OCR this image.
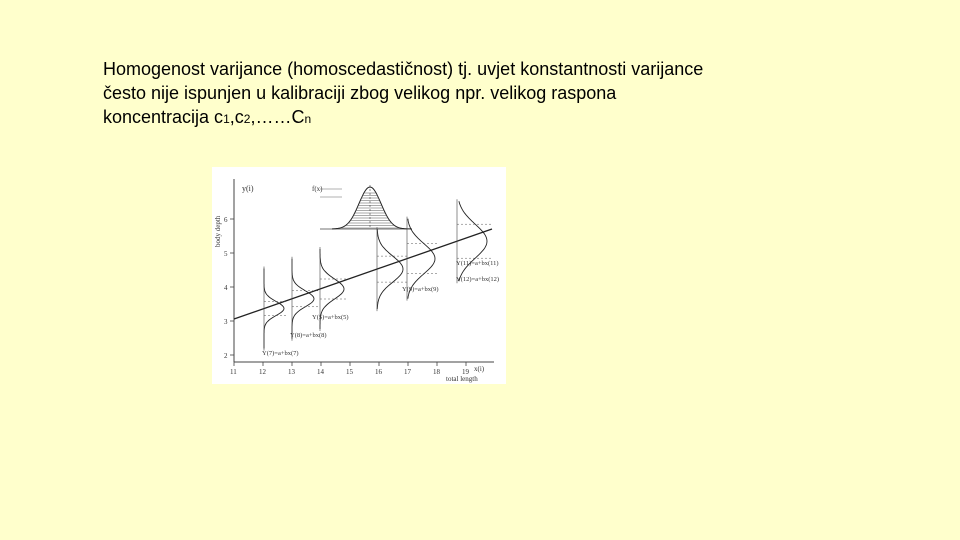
Homogenost varijance (homoscedastičnost) tj. uvjet konstantnosti varijance
često nije ispunjen u kalibraciji zbog velikog npr. velikog raspona
koncentracija c1,c2,……Cn
11	12	13	14	15	16	17	18	19
2
3
4
5
6
y(i)
body depth
x(i)
total length
f(x)
Y(7)=a+bx(7)
Y(8)=a+bx(8)
Y(5)=a+bx(5)
Y(9)=a+bx(9)
Y(11)=a+bx(11)
Y(12)=a+bx(12)
